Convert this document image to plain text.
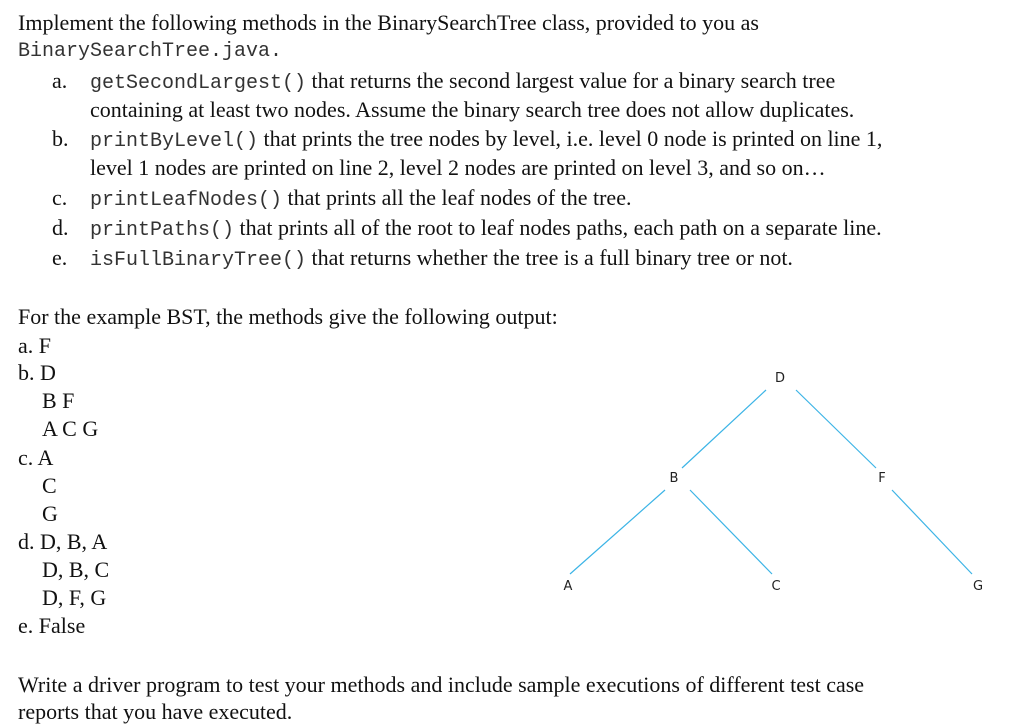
Implement the following methods in the BinarySearchTree class, provided to you as
BinarySearchTree.java.
a. getSecondLargest() that returns the second largest value for a binary search tree
containing at least two nodes. Assume the binary search tree does not allow duplicates.
b. printByLevel() that prints the tree nodes by level, i.e. level 0 node is printed on line 1,
level 1 nodes are printed on line 2, level 2 nodes are printed on level 3, and so on…
c. printLeafNodes() that prints all the leaf nodes of the tree.
d. printPaths() that prints all of the root to leaf nodes paths, each path on a separate line.
e. isFullBinaryTree() that returns whether the tree is a full binary tree or not.
For the example BST, the methods give the following output:
a. F
b. D
B F
A C G
c. A
C
G
d. D, B, A
D, B, C
D, F, G
e. False
D
B	F
A	C	G
Write a driver program to test your methods and include sample executions of different test case
reports that you have executed.
